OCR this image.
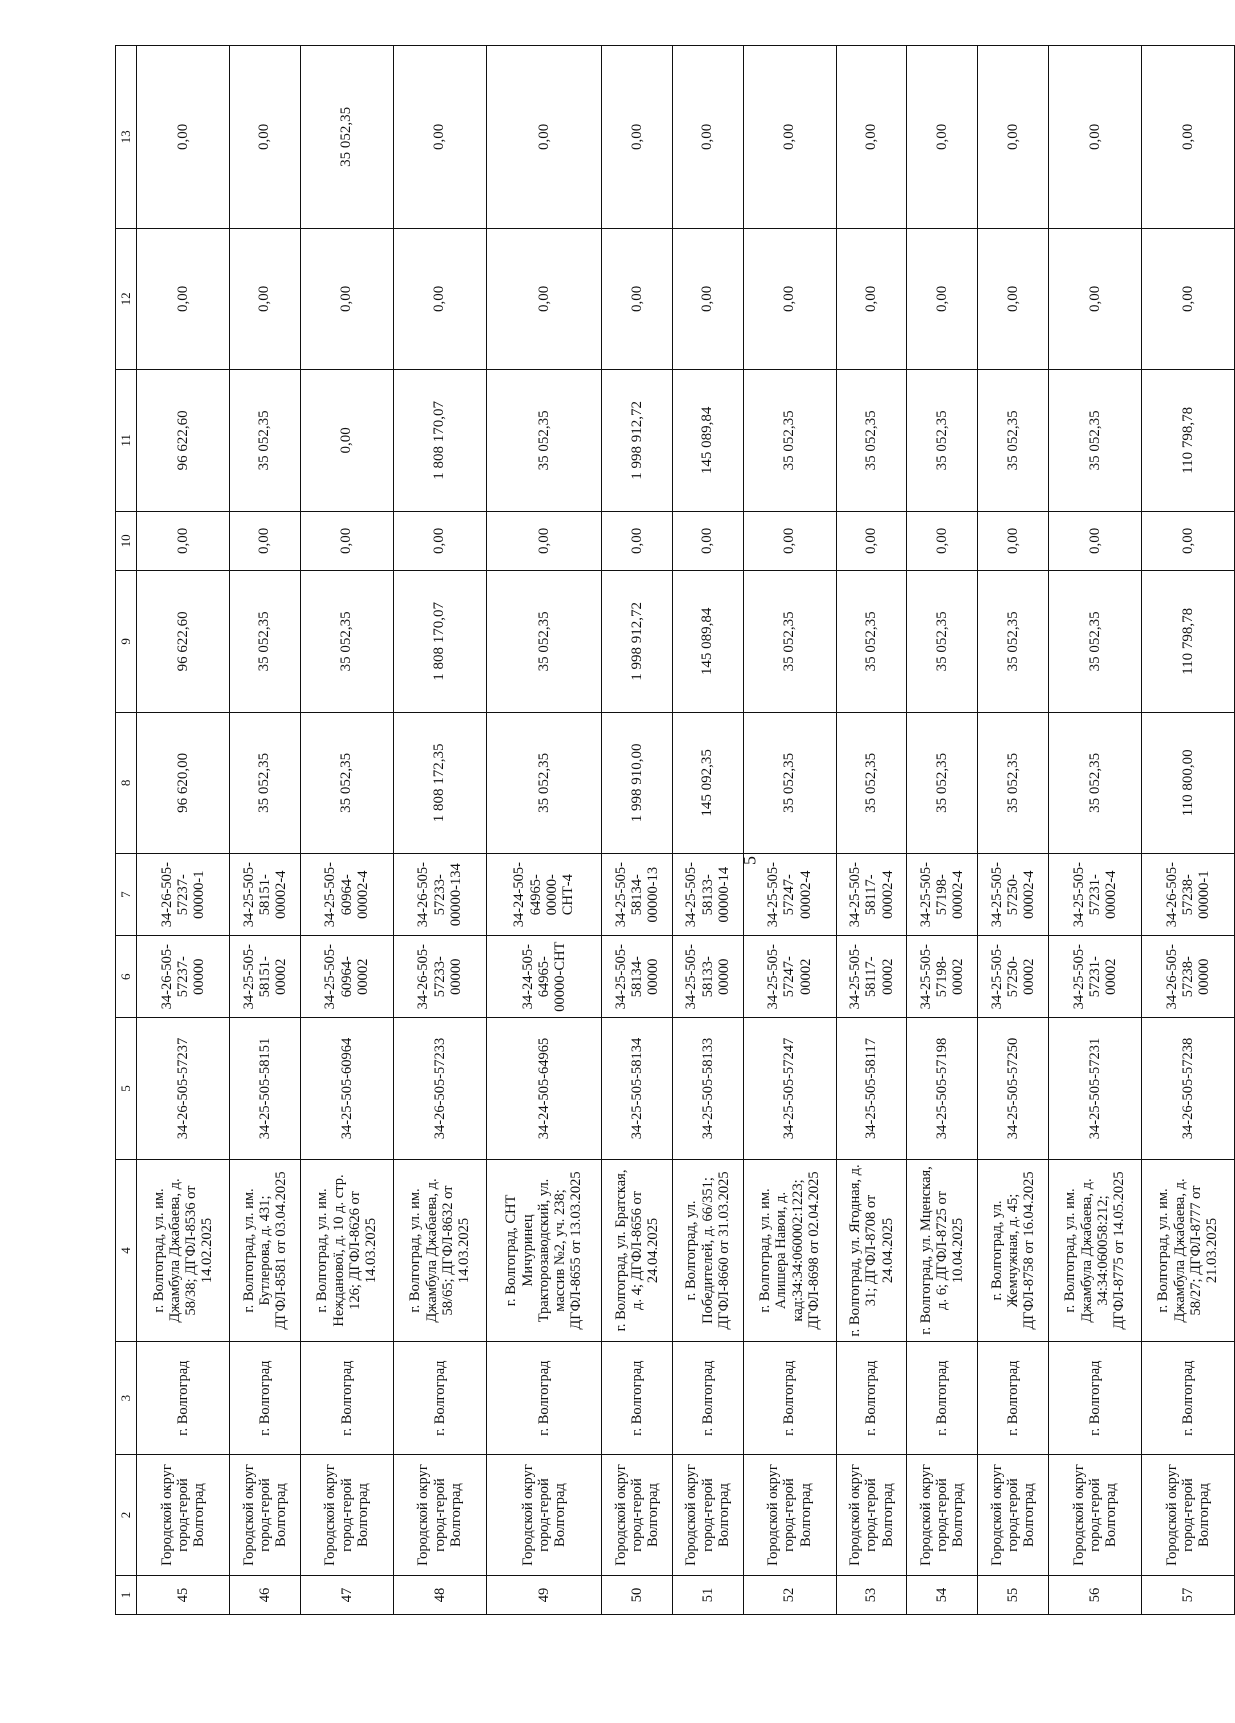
5
1	2	3	4	5	6	7	8	9	10	11	12	13
45	Городской округ город-герой Волгоград	г. Волгоград	г. Волгоград, ул. им. Джамбула Джабаева, д. 58/38; ДГФЛ-8536 от 14.02.2025	34-26-505-57237	34-26-505-57237-00000	34-26-505-57237-00000-1	96 620,00	96 622,60	0,00	96 622,60	0,00	0,00
46	Городской округ город-герой Волгоград	г. Волгоград	г. Волгоград, ул. им. Бутлерова, д. 431; ДГФЛ-8581 от 03.04.2025	34-25-505-58151	34-25-505-58151-00002	34-25-505-58151-00002-4	35 052,35	35 052,35	0,00	35 052,35	0,00	0,00
47	Городской округ город-герой Волгоград	г. Волгоград	г. Волгоград, ул. им. Нежданової, д. 10 д. стр. 126; ДГФЛ-8626 от 14.03.2025	34-25-505-60964	34-25-505-60964-00002	34-25-505-60964-00002-4	35 052,35	35 052,35	0,00	0,00	0,00	35 052,35
48	Городской округ город-герой Волгоград	г. Волгоград	г. Волгоград, ул. им. Джамбула Джабаева, д. 58/65; ДГФЛ-8632 от 14.03.2025	34-26-505-57233	34-26-505-57233-00000	34-26-505-57233-00000-134	1 808 172,35	1 808 170,07	0,00	1 808 170,07	0,00	0,00
49	Городской округ город-герой Волгоград	г. Волгоград	г. Волгоград, СНТ Мичуринец Тракторозаводский, ул. массив №2, уч. 238; ДГФЛ-8655 от 13.03.2025	34-24-505-64965	34-24-505-64965-00000-СНТ	34-24-505-64965-00000-СНТ-4	35 052,35	35 052,35	0,00	35 052,35	0,00	0,00
50	Городской округ город-герой Волгоград	г. Волгоград	г. Волгоград, ул. Братская, д. 4; ДГФЛ-8656 от 24.04.2025	34-25-505-58134	34-25-505-58134-00000	34-25-505-58134-00000-13	1 998 910,00	1 998 912,72	0,00	1 998 912,72	0,00	0,00
51	Городской округ город-герой Волгоград	г. Волгоград	г. Волгоград, ул. Победителей, д. 66/351; ДГФЛ-8660 от 31.03.2025	34-25-505-58133	34-25-505-58133-00000	34-25-505-58133-00000-14	145 092,35	145 089,84	0,00	145 089,84	0,00	0,00
52	Городской округ город-герой Волгоград	г. Волгоград	г. Волгоград, ул. им. Алишера Навои, д. кад:34:34:060002:1223; ДГФЛ-8698 от 02.04.2025	34-25-505-57247	34-25-505-57247-00002	34-25-505-57247-00002-4	35 052,35	35 052,35	0,00	35 052,35	0,00	0,00
53	Городской округ город-герой Волгоград	г. Волгоград	г. Волгоград, ул. Ягодная, д. 31; ДГФЛ-8708 от 24.04.2025	34-25-505-58117	34-25-505-58117-00002	34-25-505-58117-00002-4	35 052,35	35 052,35	0,00	35 052,35	0,00	0,00
54	Городской округ город-герой Волгоград	г. Волгоград	г. Волгоград, ул. Мценская, д. 6; ДГФЛ-8725 от 10.04.2025	34-25-505-57198	34-25-505-57198-00002	34-25-505-57198-00002-4	35 052,35	35 052,35	0,00	35 052,35	0,00	0,00
55	Городской округ город-герой Волгоград	г. Волгоград	г. Волгоград, ул. Жемчужная, д. 45; ДГФЛ-8758 от 16.04.2025	34-25-505-57250	34-25-505-57250-00002	34-25-505-57250-00002-4	35 052,35	35 052,35	0,00	35 052,35	0,00	0,00
56	Городской округ город-герой Волгоград	г. Волгоград	г. Волгоград, ул. им. Джамбула Джабаева, д. 34:34:060058:212; ДГФЛ-8775 от 14.05.2025	34-25-505-57231	34-25-505-57231-00002	34-25-505-57231-00002-4	35 052,35	35 052,35	0,00	35 052,35	0,00	0,00
57	Городской округ город-герой Волгоград	г. Волгоград	г. Волгоград, ул. им. Джамбула Джабаева, д. 58/27; ДГФЛ-8777 от 21.03.2025	34-26-505-57238	34-26-505-57238-00000	34-26-505-57238-00000-1	110 800,00	110 798,78	0,00	110 798,78	0,00	0,00
